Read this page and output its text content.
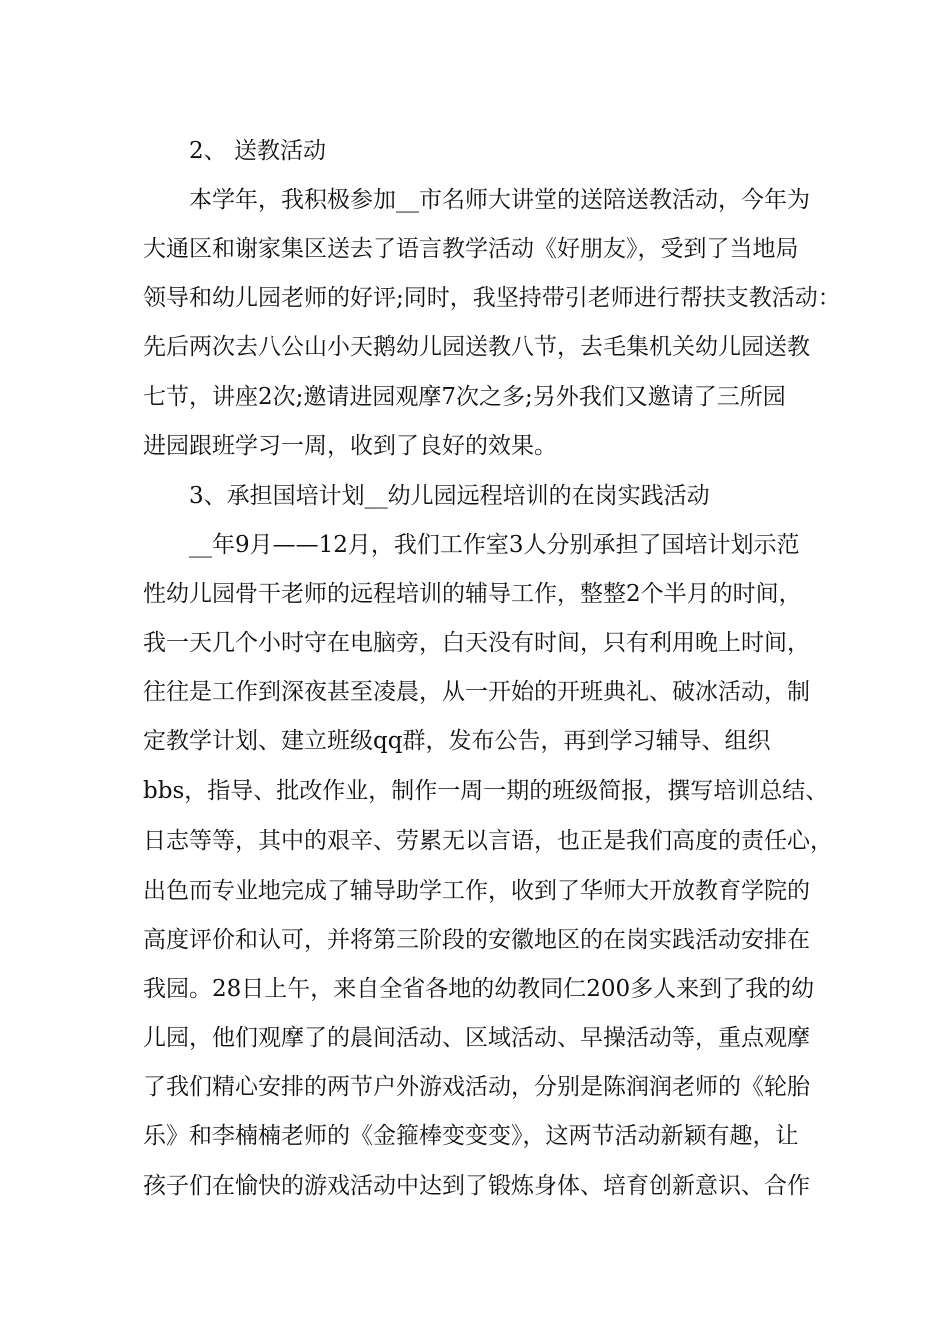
2、 送教活动
本学年，我积极参加__市名师大讲堂的送陪送教活动，今年为
大通区和谢家集区送去了语言教学活动《好朋友》，受到了当地局
领导和幼儿园老师的好评;同时，我坚持带引老师进行帮扶支教活动：
先后两次去八公山小天鹅幼儿园送教八节，去毛集机关幼儿园送教
七节，讲座2次;邀请进园观摩7次之多;另外我们又邀请了三所园
进园跟班学习一周，收到了良好的效果。
3、承担国培计划__幼儿园远程培训的在岗实践活动
__年9月——12月，我们工作室3人分别承担了国培计划示范
性幼儿园骨干老师的远程培训的辅导工作，整整2个半月的时间，
我一天几个小时守在电脑旁，白天没有时间，只有利用晚上时间，
往往是工作到深夜甚至凌晨，从一开始的开班典礼、破冰活动，制
定教学计划、建立班级qq群，发布公告，再到学习辅导、组织
bbs，指导、批改作业，制作一周一期的班级简报，撰写培训总结、
日志等等，其中的艰辛、劳累无以言语，也正是我们高度的责任心，
出色而专业地完成了辅导助学工作，收到了华师大开放教育学院的
高度评价和认可，并将第三阶段的安徽地区的在岗实践活动安排在
我园。28日上午，来自全省各地的幼教同仁200多人来到了我的幼
儿园，他们观摩了的晨间活动、区域活动、早操活动等，重点观摩
了我们精心安排的两节户外游戏活动，分别是陈润润老师的《轮胎
乐》和李楠楠老师的《金箍棒变变变》，这两节活动新颖有趣，让
孩子们在愉快的游戏活动中达到了锻炼身体、培育创新意识、合作
